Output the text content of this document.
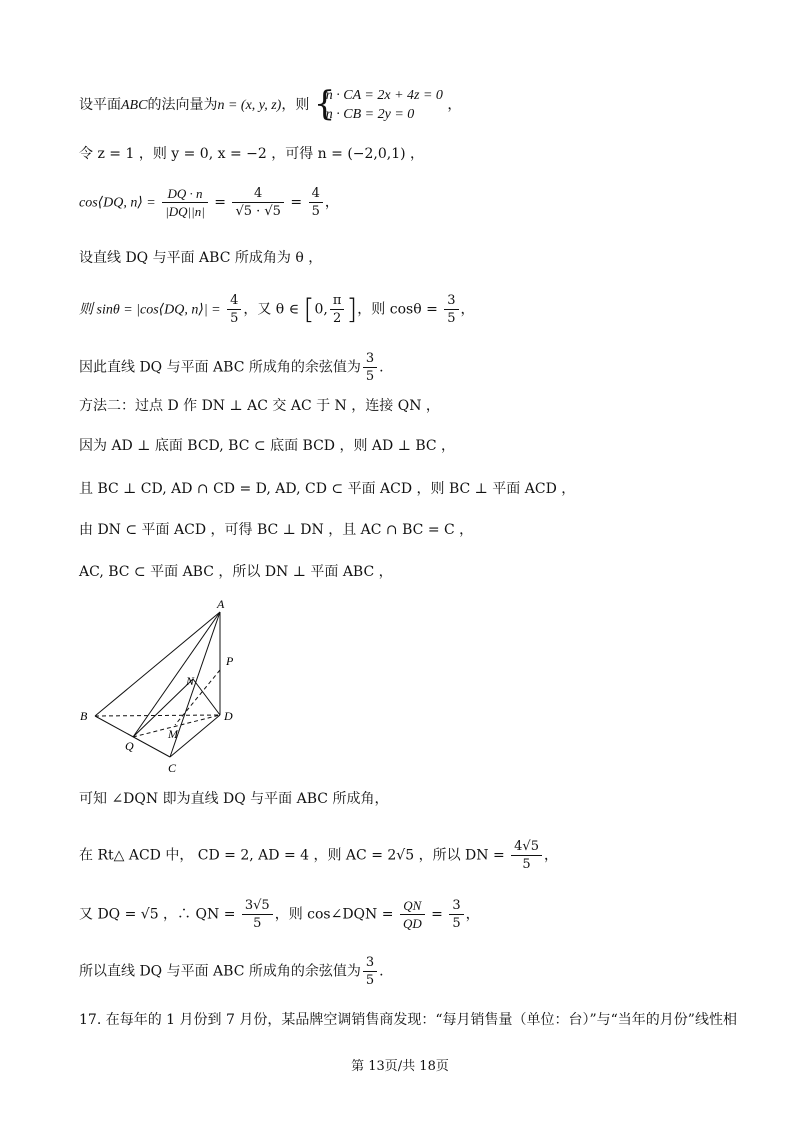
设平面ABC的法向量为n = (x, y, z)，则 {
n · CA = 2x + 4z = 0
n · CB = 2y = 0
，
令 z = 1 ，则 y = 0, x = −2 ，可得 n = (−2,0,1) ，
cos⟨DQ, n⟩ = $\frac{DQ \cdot n}{|DQ||n|} = \frac{4}{√5 \cdot √5} = \frac{4}{5}$ ，
设直线 DQ 与平面 ABC 所成角为 θ ，
则 sinθ = |cos⟨DQ, n⟩| = $\frac{4}{5}$ ，又 θ ∈ [0, $\frac{\pi}{2}$ ]，则 $\cos\theta = \frac{3}{5}$ ，
因此直线 DQ 与平面 ABC 所成角的余弦值为 $\frac{3}{5}$ .
方法二：过点 D 作 DN ⊥ AC 交 AC 于 N ，连接 QN ，
因为 AD ⊥ 底面 BCD, BC ⊂ 底面 BCD ，则 AD ⊥ BC ，
且 BC ⊥ CD, AD ∩ CD = D, AD, CD ⊂ 平面 ACD ，则 BC ⊥ 平面 ACD ，
由 DN ⊂ 平面 ACD ，可得 BC ⊥ DN ，且 AC ∩ BC = C ，
AC, BC ⊂ 平面 ABC ，所以 DN ⊥ 平面 ABC ，
A
P
N
B	D
M
Q
C
可知 ∠DQN 即为直线 DQ 与平面 ABC 所成角，
在 Rt△ ACD 中， CD = 2, AD = 4 ，则 AC = 2√5 ，所以 DN = $\frac{4√5}{5}$ ，
又 DQ = √5 ，∴ QN = $\frac{3√5}{5}$ ，则 cos∠DQN = $\frac{QN}{QD} = \frac{3}{5}$ ，
所以直线 DQ 与平面 ABC 所成角的余弦值为 $\frac{3}{5}$ .
17. 在每年的 1 月份到 7 月份，某品牌空调销售商发现：“每月销售量（单位：台）”与“当年的月份”线性相
第 13页/共 18页
